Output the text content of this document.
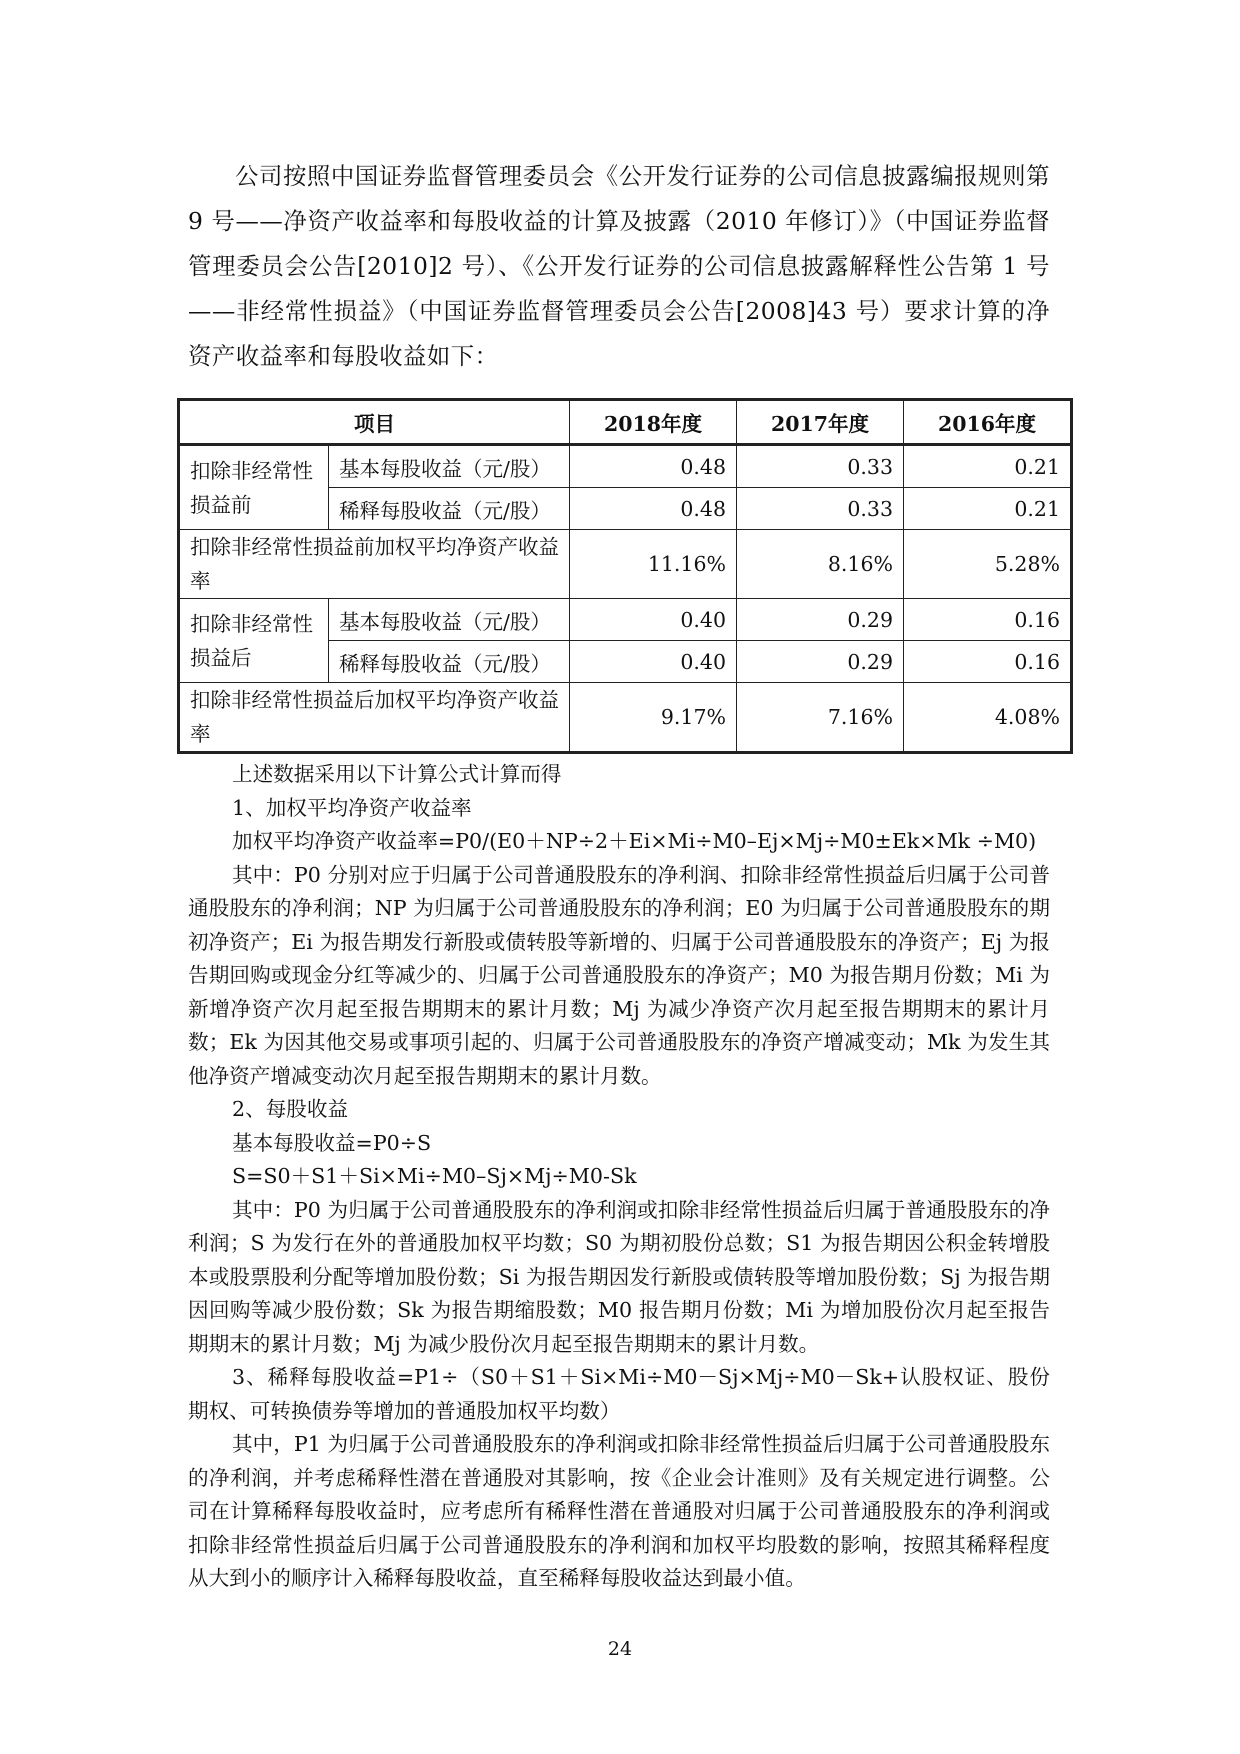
公司按照中国证券监督管理委员会《公开发行证券的公司信息披露编报规则第 9 号——净资产收益率和每股收益的计算及披露（2010 年修订）》（中国证券监督管理委员会公告[2010]2 号）、《公开发行证券的公司信息披露解释性公告第 1 号——非经常性损益》（中国证券监督管理委员会公告[2008]43 号）要求计算的净资产收益率和每股收益如下：

项目		2018年度	2017年度	2016年度
扣除非经常性损益前	基本每股收益（元/股）	0.48	0.33	0.21
	稀释每股收益（元/股）	0.48	0.33	0.21
扣除非经常性损益前加权平均净资产收益率		11.16%	8.16%	5.28%
扣除非经常性损益后	基本每股收益（元/股）	0.40	0.29	0.16
	稀释每股收益（元/股）	0.40	0.29	0.16
扣除非经常性损益后加权平均净资产收益率		9.17%	7.16%	4.08%

上述数据采用以下计算公式计算而得

1、加权平均净资产收益率

加权平均净资产收益率=P0/(E0＋NP÷2＋Ei×Mi÷M0–Ej×Mj÷M0±Ek×Mk ÷M0)

其中：P0 分别对应于归属于公司普通股股东的净利润、扣除非经常性损益后归属于公司普通股股东的净利润；NP 为归属于公司普通股股东的净利润；E0 为归属于公司普通股股东的期初净资产；Ei 为报告期发行新股或债转股等新增的、归属于公司普通股股东的净资产；Ej 为报告期回购或现金分红等减少的、归属于公司普通股股东的净资产；M0 为报告期月份数；Mi 为新增净资产次月起至报告期期末的累计月数；Mj 为减少净资产次月起至报告期期末的累计月数；Ek 为因其他交易或事项引起的、归属于公司普通股股东的净资产增减变动；Mk 为发生其他净资产增减变动次月起至报告期期末的累计月数。

2、每股收益

基本每股收益=P0÷S

S=S0＋S1＋Si×Mi÷M0–Sj×Mj÷M0-Sk

其中：P0 为归属于公司普通股股东的净利润或扣除非经常性损益后归属于普通股股东的净利润；S 为发行在外的普通股加权平均数；S0 为期初股份总数；S1 为报告期因公积金转增股本或股票股利分配等增加股份数；Si 为报告期因发行新股或债转股等增加股份数；Sj 为报告期因回购等减少股份数；Sk 为报告期缩股数；M0 报告期月份数；Mi 为增加股份次月起至报告期期末的累计月数；Mj 为减少股份次月起至报告期期末的累计月数。

3、稀释每股收益=P1÷（S0＋S1＋Si×Mi÷M0－Sj×Mj÷M0－Sk+认股权证、股份期权、可转换债券等增加的普通股加权平均数）

其中，P1 为归属于公司普通股股东的净利润或扣除非经常性损益后归属于公司普通股股东的净利润，并考虑稀释性潜在普通股对其影响，按《企业会计准则》及有关规定进行调整。公司在计算稀释每股收益时，应考虑所有稀释性潜在普通股对归属于公司普通股股东的净利润或扣除非经常性损益后归属于公司普通股股东的净利润和加权平均股数的影响，按照其稀释程度从大到小的顺序计入稀释每股收益，直至稀释每股收益达到最小值。

24
